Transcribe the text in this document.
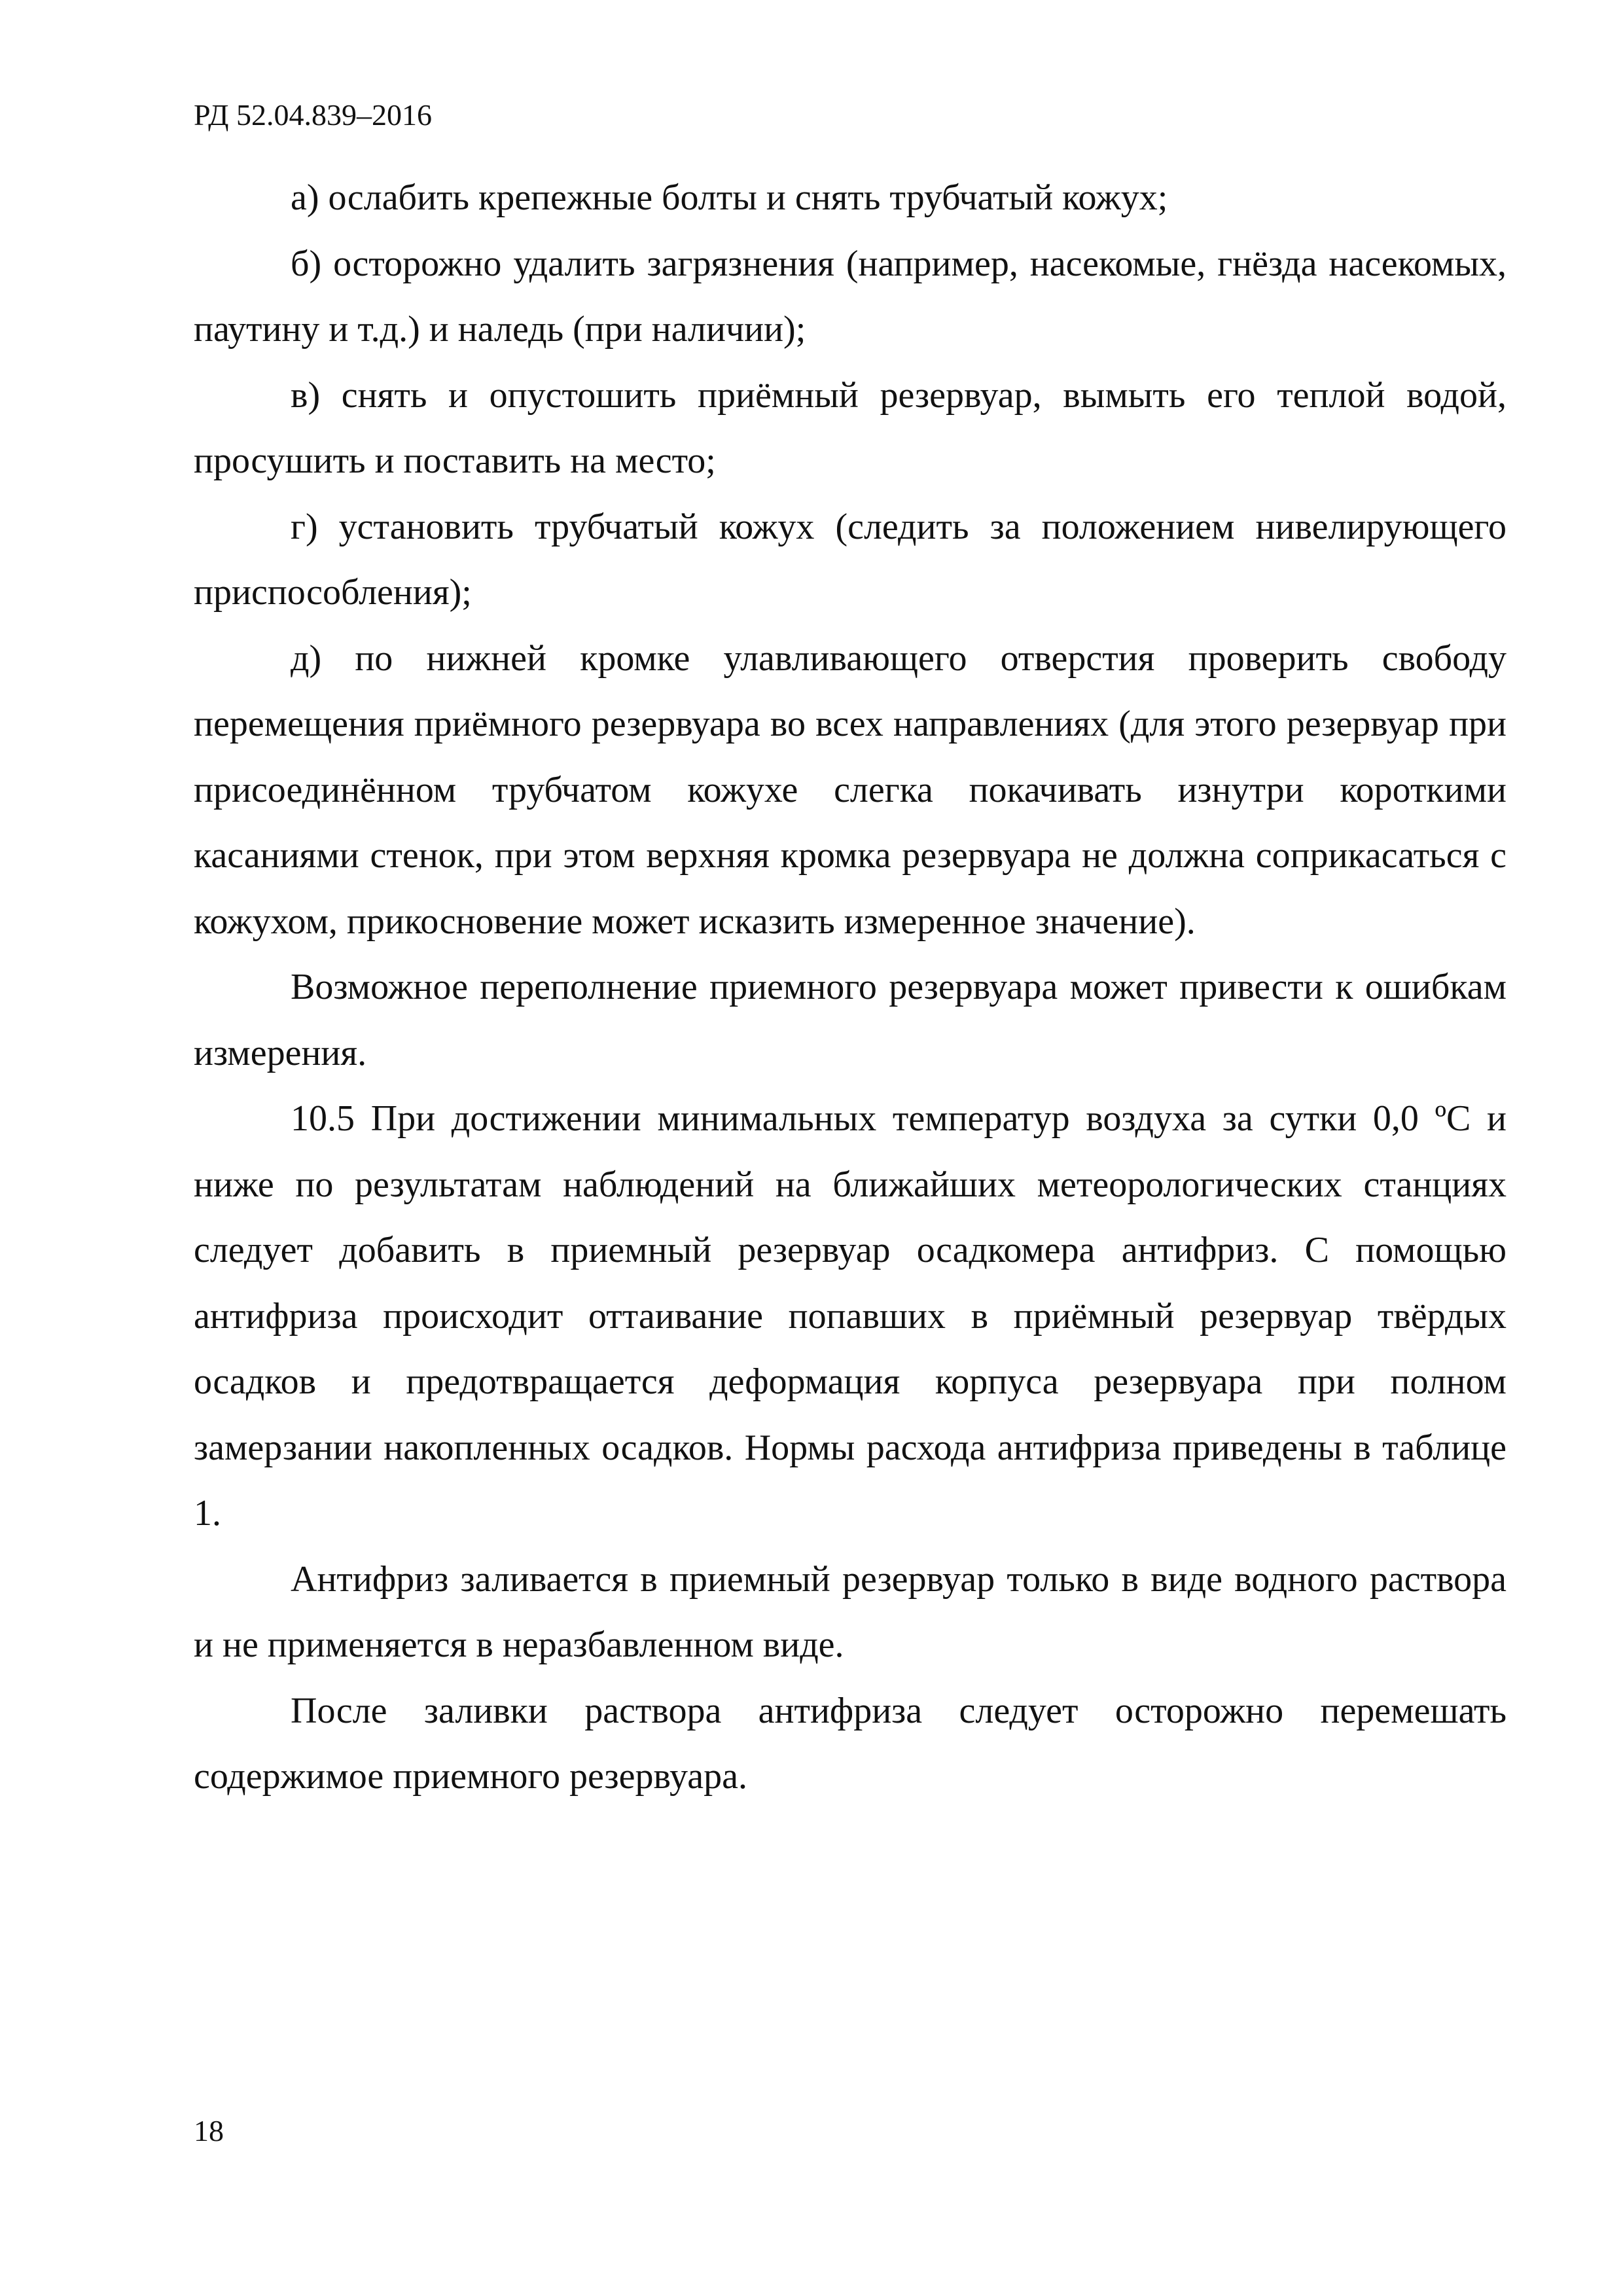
РД 52.04.839–2016

а) ослабить крепежные болты и снять трубчатый кожух;

б) осторожно удалить загрязнения (например, насекомые, гнёзда насекомых, паутину и т.д.) и наледь (при наличии);

в) снять и опустошить приёмный резервуар, вымыть его теплой водой, просушить и поставить на место;

г) установить трубчатый кожух (следить за положением нивелирующего приспособления);

д) по нижней кромке улавливающего отверстия проверить свободу перемещения приёмного резервуара во всех направлениях (для этого резервуар при присоединённом трубчатом кожухе слегка покачивать изнутри короткими касаниями стенок, при этом верхняя кромка резервуара не должна соприкасаться с кожухом, прикосновение может исказить измеренное значение).

Возможное переполнение приемного резервуара может привести к ошибкам измерения.

10.5 При достижении минимальных температур воздуха за сутки 0,0 ºС и ниже по результатам наблюдений на ближайших метеорологических станциях следует добавить в приемный резервуар осадкомера антифриз. С помощью антифриза происходит оттаивание попавших в приёмный резервуар твёрдых осадков и предотвращается деформация корпуса резервуара при полном замерзании накопленных осадков. Нормы расхода антифриза приведены в таблице 1.

Антифриз заливается в приемный резервуар только в виде водного раствора и не применяется в неразбавленном виде.

После заливки раствора антифриза следует осторожно перемешать содержимое приемного резервуара.

18
